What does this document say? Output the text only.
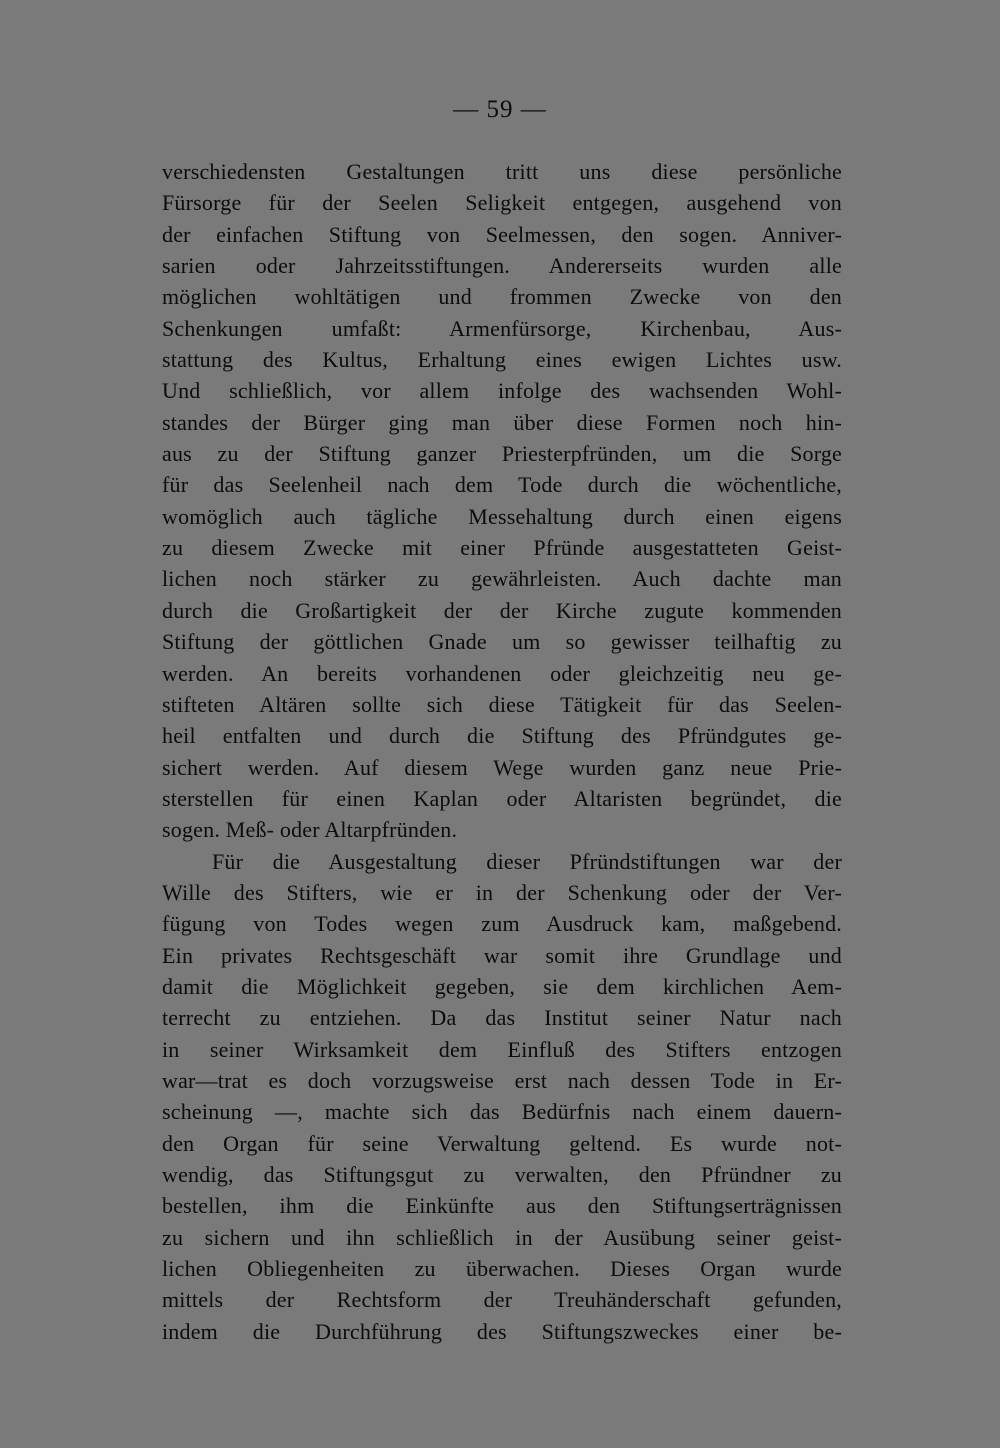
— 59 —
verschiedensten Gestaltungen tritt uns diese persönliche
Fürsorge für der Seelen Seligkeit entgegen, ausgehend von
der einfachen Stiftung von Seelmessen, den sogen. Anniver-
sarien oder Jahrzeitsstiftungen. Andererseits wurden alle
möglichen wohltätigen und frommen Zwecke von den
Schenkungen umfaßt: Armenfürsorge, Kirchenbau, Aus-
stattung des Kultus, Erhaltung eines ewigen Lichtes usw.
Und schließlich, vor allem infolge des wachsenden Wohl-
standes der Bürger ging man über diese Formen noch hin-
aus zu der Stiftung ganzer Priesterpfründen, um die Sorge
für das Seelenheil nach dem Tode durch die wöchentliche,
womöglich auch tägliche Messehaltung durch einen eigens
zu diesem Zwecke mit einer Pfründe ausgestatteten Geist-
lichen noch stärker zu gewährleisten. Auch dachte man
durch die Großartigkeit der der Kirche zugute kommenden
Stiftung der göttlichen Gnade um so gewisser teilhaftig zu
werden. An bereits vorhandenen oder gleichzeitig neu ge-
stifteten Altären sollte sich diese Tätigkeit für das Seelen-
heil entfalten und durch die Stiftung des Pfründgutes ge-
sichert werden. Auf diesem Wege wurden ganz neue Prie-
sterstellen für einen Kaplan oder Altaristen begründet, die
sogen. Meß- oder Altarpfründen.
Für die Ausgestaltung dieser Pfründstiftungen war der
Wille des Stifters, wie er in der Schenkung oder der Ver-
fügung von Todes wegen zum Ausdruck kam, maßgebend.
Ein privates Rechtsgeschäft war somit ihre Grundlage und
damit die Möglichkeit gegeben, sie dem kirchlichen Aem-
terrecht zu entziehen. Da das Institut seiner Natur nach
in seiner Wirksamkeit dem Einfluß des Stifters entzogen
war—trat es doch vorzugsweise erst nach dessen Tode in Er-
scheinung —, machte sich das Bedürfnis nach einem dauern-
den Organ für seine Verwaltung geltend. Es wurde not-
wendig, das Stiftungsgut zu verwalten, den Pfründner zu
bestellen, ihm die Einkünfte aus den Stiftungserträgnissen
zu sichern und ihn schließlich in der Ausübung seiner geist-
lichen Obliegenheiten zu überwachen. Dieses Organ wurde
mittels der Rechtsform der Treuhänderschaft gefunden,
indem die Durchführung des Stiftungszweckes einer be-
